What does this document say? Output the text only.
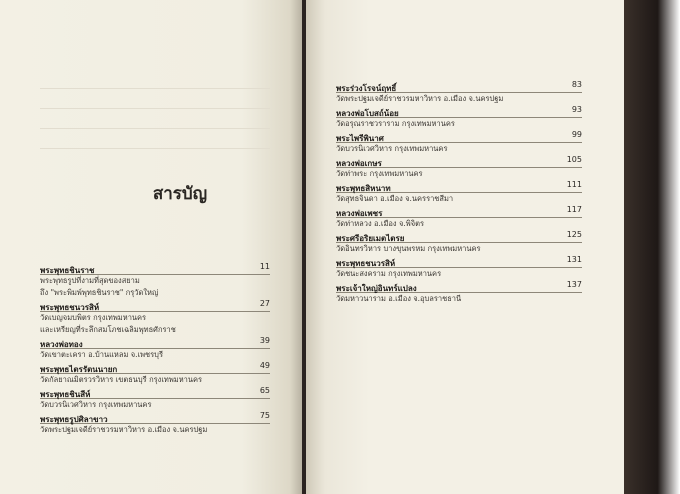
สารบัญ
พระพุทธชินราช	11
พระพุทธรูปที่งามที่สุดของสยาม
ถึง "พระพิมพ์พุทธชินราช" กรุวัดใหญ่
พระพุทธชนวรสิห์	27
วัดเบญจมบพิตร กรุงเทพมหานคร
และเหรียญที่ระลึกสมโภชเฉลิมพุทธศักราช
หลวงพ่อทอง	39
วัดเขาตะเครา อ.บ้านแหลม จ.เพชรบุรี
พระพุทธไตรรัตนนายก	49
วัดกัลยาณมิตรวรวิหาร เขตธนบุรี กรุงเทพมหานคร
พระพุทธชินสีห์	65
วัดบวรนิเวศวิหาร กรุงเทพมหานคร
พระพุทธรูปศิลาขาว	75
วัดพระปฐมเจดีย์ราชวรมหาวิหาร อ.เมือง จ.นครปฐม
พระร่วงโรจน์ฤทธิ์	83
วัดพระปฐมเจดีย์ราชวรมหาวิหาร อ.เมือง จ.นครปฐม
หลวงพ่อโบสถ์น้อย	93
วัดอรุณราชวราราม กรุงเทพมหานคร
พระไพรีพินาศ	99
วัดบวรนิเวศวิหาร กรุงเทพมหานคร
หลวงพ่อเกษร	105
วัดท่าพระ กรุงเทพมหานคร
พระพุทธสิหนาท	111
วัดสุทธจินดา อ.เมือง จ.นครราชสีมา
หลวงพ่อเพชร	117
วัดท่าหลวง อ.เมือง จ.พิจิตร
พระศรีอริยเมตไตรย	125
วัดอินทรวิหาร บางขุนพรหม กรุงเทพมหานคร
พระพุทธชนวรสิห์	131
วัดชนะสงคราม กรุงเทพมหานคร
พระเจ้าใหญ่อินทร์แปลง	137
วัดมหาวนาราม อ.เมือง จ.อุบลราชธานี
